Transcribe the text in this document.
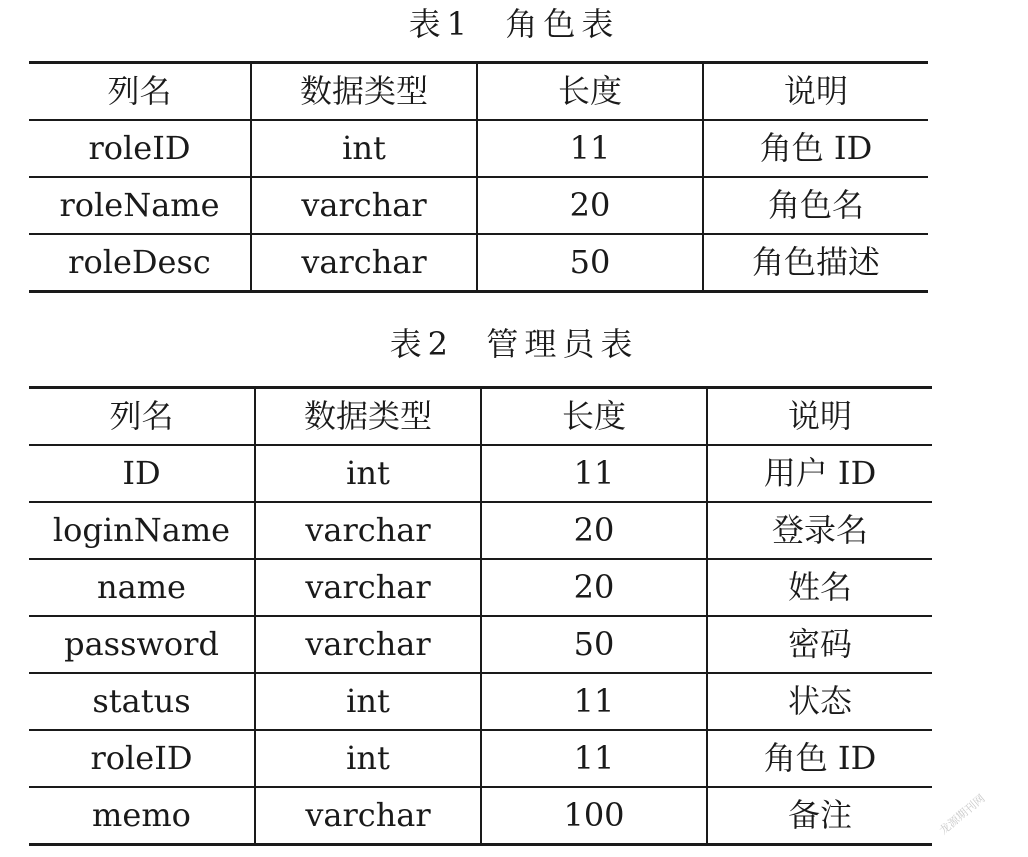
表1  角色表
列名	数据类型	长度	说明
roleID	int	11	角色 ID
roleName	varchar	20	角色名
roleDesc	varchar	50	角色描述
表2  管理员表
列名	数据类型	长度	说明
ID	int	11	用户 ID
loginName	varchar	20	登录名
name	varchar	20	姓名
password	varchar	50	密码
status	int	11	状态
roleID	int	11	角色 ID
memo	varchar	100	备注	龙源期刊网
